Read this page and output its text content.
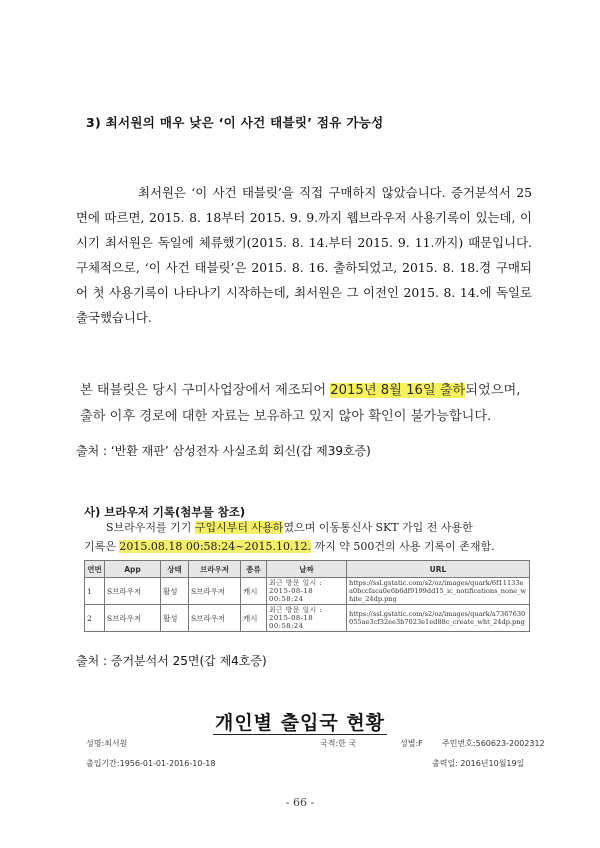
3) 최서원의 매우 낮은 ‘이 사건 태블릿’ 점유 가능성
최서원은 ‘이 사건 태블릿’을 직접 구매하지 않았습니다. 증거분석서 25면에 따르면, 2015. 8. 18부터 2015. 9. 9.까지 웹브라우저 사용기록이 있는데, 이 시기 최서원은 독일에 체류했기(2015. 8. 14.부터 2015. 9. 11.까지) 때문입니다. 구체적으로, ‘이 사건 태블릿’은 2015. 8. 16. 출하되었고, 2015. 8. 18.경 구매되어 첫 사용기록이 나타나기 시작하는데, 최서원은 그 이전인 2015. 8. 14.에 독일로 출국했습니다.
본 태블릿은 당시 구미사업장에서 제조되어 2015년 8월 16일 출하되었으며,
출하 이후 경로에 대한 자료는 보유하고 있지 않아 확인이 불가능합니다.
출처 : ‘반환 재판’ 삼성전자 사실조회 회신(갑 제39호증)
사) 브라우저 기록(첨부물 참조)
S브라우저를 기기 구입시부터 사용하였으며 이동통신사 SKT 가입 전 사용한
기록은 2015.08.18 00:58:24~2015.10.12. 까지 약 500건의 사용 기록이 존재함.
연번	App	상태	브라우저	종류	날짜	URL
1	S브라우저	활성	S브라우저	캐시	최근 방문 일시 : 2015-08-18 00:58:24	https://ssl.gstatic.com/s2/oz/images/quark/6f11133ea0bccfaca0e6b6df9199dd15_ic_notifications_none_white_24dp.png
2	S브라우저	활성	S브라우저	캐시	최근 방문 일시 : 2015-08-18 00:58:24	https://ssl.gstatic.com/s2/oz/images/quark/a7367630055ae3cf32ee3b7023e1ed88c_create_wht_24dp.png
출처 : 증거분석서 25면(갑 제4호증)
개인별 출입국 현황
성명:최서원	국적:한 국	성별:F 주민번호:560623-2002312
출입기간:1956-01-01-2016-10-18	출력일: 2016년10월19일
- 66 -
